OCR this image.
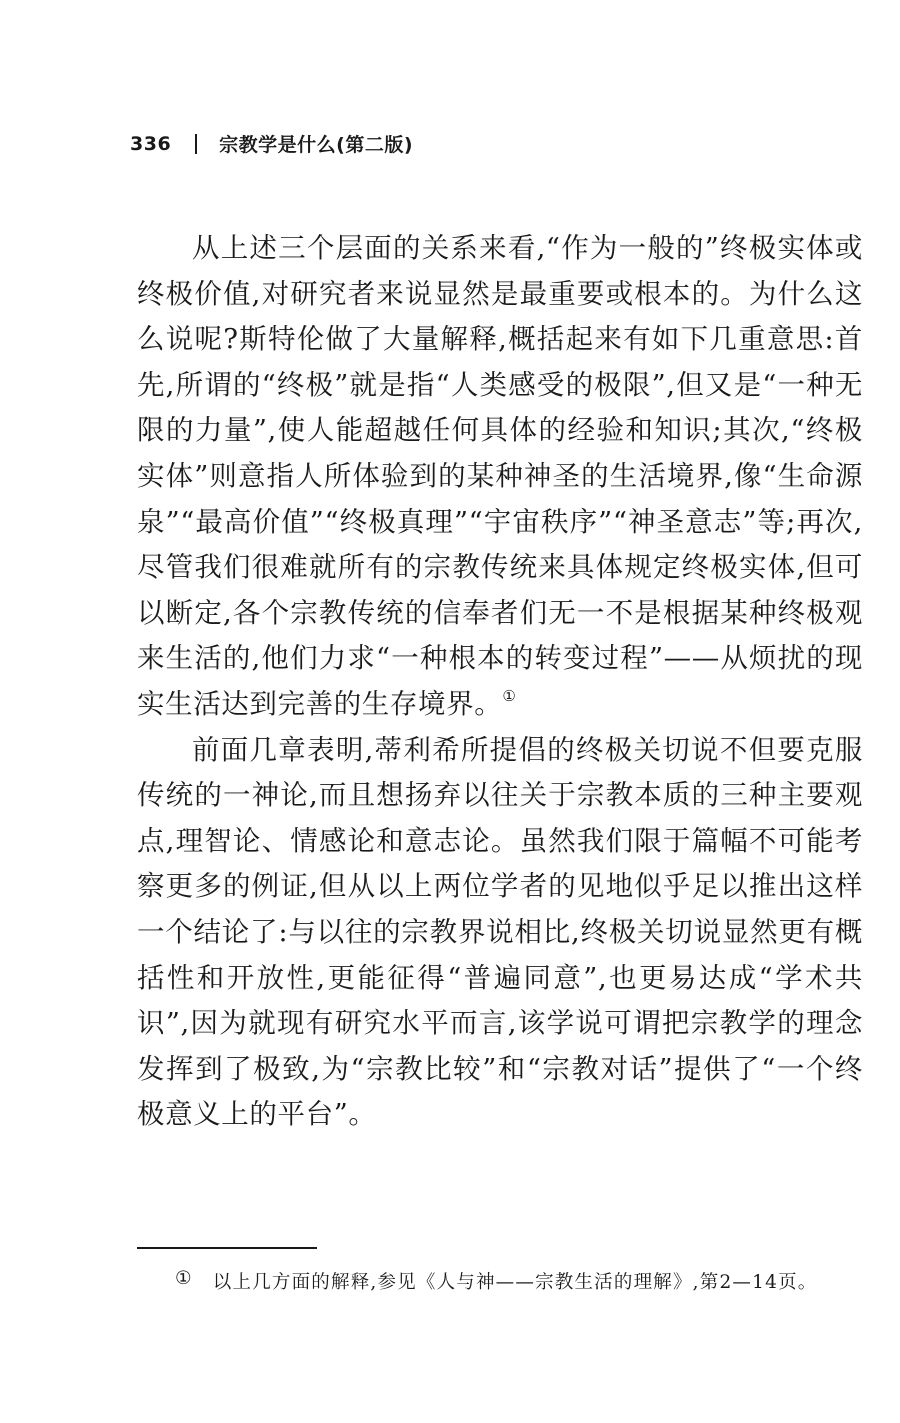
336	宗教学是什么(第二版)

从上述三个层面的关系来看,“作为一般的”终极实体或终极价值,对研究者来说显然是最重要或根本的。为什么这么说呢?斯特伦做了大量解释,概括起来有如下几重意思:首先,所谓的“终极”就是指“人类感受的极限”,但又是“一种无限的力量”,使人能超越任何具体的经验和知识;其次,“终极实体”则意指人所体验到的某种神圣的生活境界,像“生命源泉”“最高价值”“终极真理”“宇宙秩序”“神圣意志”等;再次,尽管我们很难就所有的宗教传统来具体规定终极实体,但可以断定,各个宗教传统的信奉者们无一不是根据某种终极观来生活的,他们力求“一种根本的转变过程”——从烦扰的现实生活达到完善的生存境界。①

前面几章表明,蒂利希所提倡的终极关切说不但要克服传统的一神论,而且想扬弃以往关于宗教本质的三种主要观点,理智论、情感论和意志论。虽然我们限于篇幅不可能考察更多的例证,但从以上两位学者的见地似乎足以推出这样一个结论了:与以往的宗教界说相比,终极关切说显然更有概括性和开放性,更能征得“普遍同意”,也更易达成“学术共识”,因为就现有研究水平而言,该学说可谓把宗教学的理念发挥到了极致,为“宗教比较”和“宗教对话”提供了“一个终极意义上的平台”。

① 以上几方面的解释,参见《人与神——宗教生活的理解》,第2—14页。
